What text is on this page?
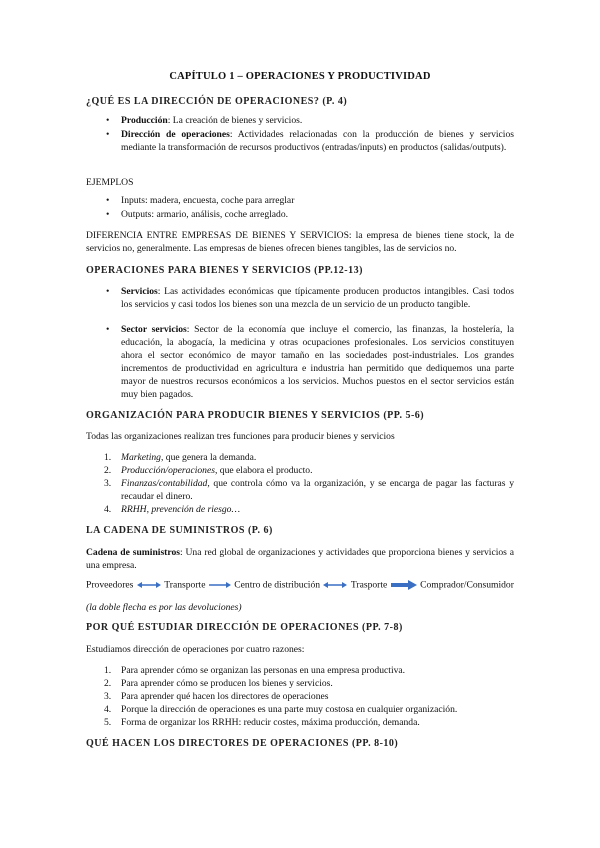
CAPÍTULO 1 – OPERACIONES Y PRODUCTIVIDAD
¿QUÉ ES LA DIRECCIÓN DE OPERACIONES? (P. 4)
•	Producción: La creación de bienes y servicios.
•	Dirección de operaciones: Actividades relacionadas con la producción de bienes y servicios mediante la transformación de recursos productivos (entradas/inputs) en productos (salidas/outputs).
EJEMPLOS
•	Inputs: madera, encuesta, coche para arreglar
•	Outputs: armario, análisis, coche arreglado.
DIFERENCIA ENTRE EMPRESAS DE BIENES Y SERVICIOS: la empresa de bienes tiene stock, la de servicios no, generalmente. Las empresas de bienes ofrecen bienes tangibles, las de servicios no.
OPERACIONES PARA BIENES Y SERVICIOS (PP.12-13)
•	Servicios: Las actividades económicas que típicamente producen productos intangibles. Casi todos los servicios y casi todos los bienes son una mezcla de un servicio de un producto tangible.
•	Sector servicios: Sector de la economía que incluye el comercio, las finanzas, la hostelería, la educación, la abogacía, la medicina y otras ocupaciones profesionales. Los servicios constituyen ahora el sector económico de mayor tamaño en las sociedades post-industriales. Los grandes incrementos de productividad en agricultura e industria han permitido que dediquemos una parte mayor de nuestros recursos económicos a los servicios. Muchos puestos en el sector servicios están muy bien pagados.
ORGANIZACIÓN PARA PRODUCIR BIENES Y SERVICIOS (PP. 5-6)
Todas las organizaciones realizan tres funciones para producir bienes y servicios
1.	Marketing, que genera la demanda.
2.	Producción/operaciones, que elabora el producto.
3.	Finanzas/contabilidad, que controla cómo va la organización, y se encarga de pagar las facturas y recaudar el dinero.
4.	RRHH, prevención de riesgo…
LA CADENA DE SUMINISTROS (P. 6)
Cadena de suministros: Una red global de organizaciones y actividades que proporciona bienes y servicios a una empresa.
Proveedores	Transporte	Centro de distribución	Trasporte	Comprador/Consumidor
(la doble flecha es por las devoluciones)
POR QUÉ ESTUDIAR DIRECCIÓN DE OPERACIONES (PP. 7-8)
Estudiamos dirección de operaciones por cuatro razones:
1.	Para aprender cómo se organizan las personas en una empresa productiva.
2.	Para aprender cómo se producen los bienes y servicios.
3.	Para aprender qué hacen los directores de operaciones
4.	Porque la dirección de operaciones es una parte muy costosa en cualquier organización.
5.	Forma de organizar los RRHH: reducir costes, máxima producción, demanda.
QUÉ HACEN LOS DIRECTORES DE OPERACIONES (PP. 8-10)
